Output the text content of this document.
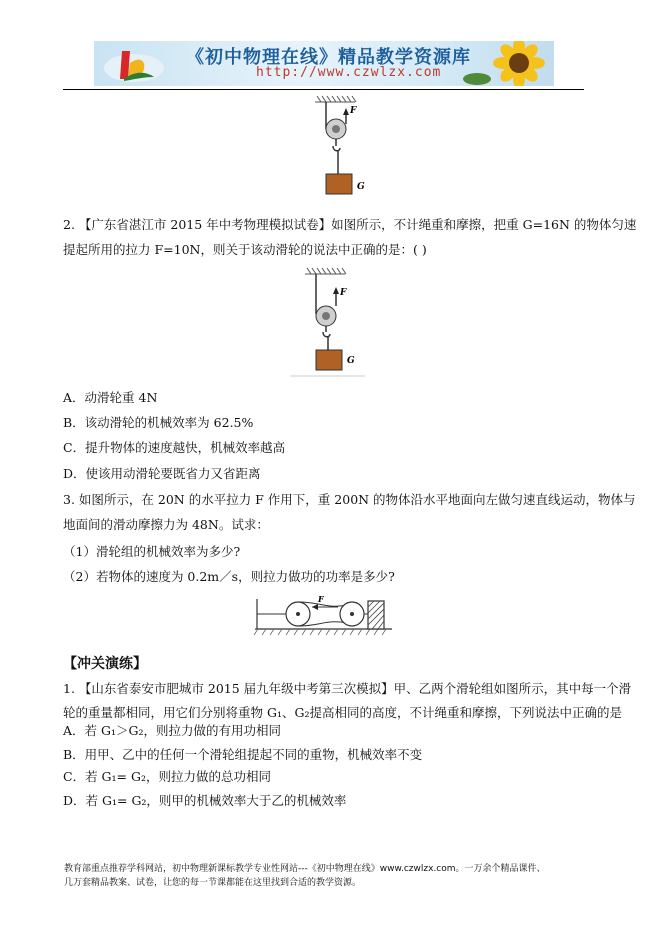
《初中物理在线》精品教学资源库
http://www.czwlzx.com
F
G
2. 【广东省湛江市 2015 年中考物理模拟试卷】如图所示，不计绳重和摩擦，把重 G=16N 的物体匀速
提起所用的拉力 F=10N，则关于该动滑轮的说法中正确的是：( )
F
G
A．动滑轮重 4N
B．该动滑轮的机械效率为 62.5%
C．提升物体的速度越快，机械效率越高
D．使该用动滑轮要既省力又省距离
3. 如图所示，在 20N 的水平拉力 F 作用下，重 200N 的物体沿水平地面向左做匀速直线运动，物体与
地面间的滑动摩擦力为 48N。试求：
（1）滑轮组的机械效率为多少?
（2）若物体的速度为 0.2m／s，则拉力做功的功率是多少?
F
【冲关演练】
1. 【山东省泰安市肥城市 2015 届九年级中考第三次模拟】甲、乙两个滑轮组如图所示，其中每一个滑
轮的重量都相同，用它们分别将重物 G₁、G₂提高相同的高度，不计绳重和摩擦，下列说法中正确的是
A．若 G₁＞G₂，则拉力做的有用功相同
B．用甲、乙中的任何一个滑轮组提起不同的重物，机械效率不变
C．若 G₁= G₂，则拉力做的总功相同
D．若 G₁= G₂，则甲的机械效率大于乙的机械效率
教育部重点推荐学科网站，初中物理新课标教学专业性网站---《初中物理在线》www.czwlzx.com。一万余个精品课件、
几万套精品教案、试卷，让您的每一节课都能在这里找到合适的教学资源。
